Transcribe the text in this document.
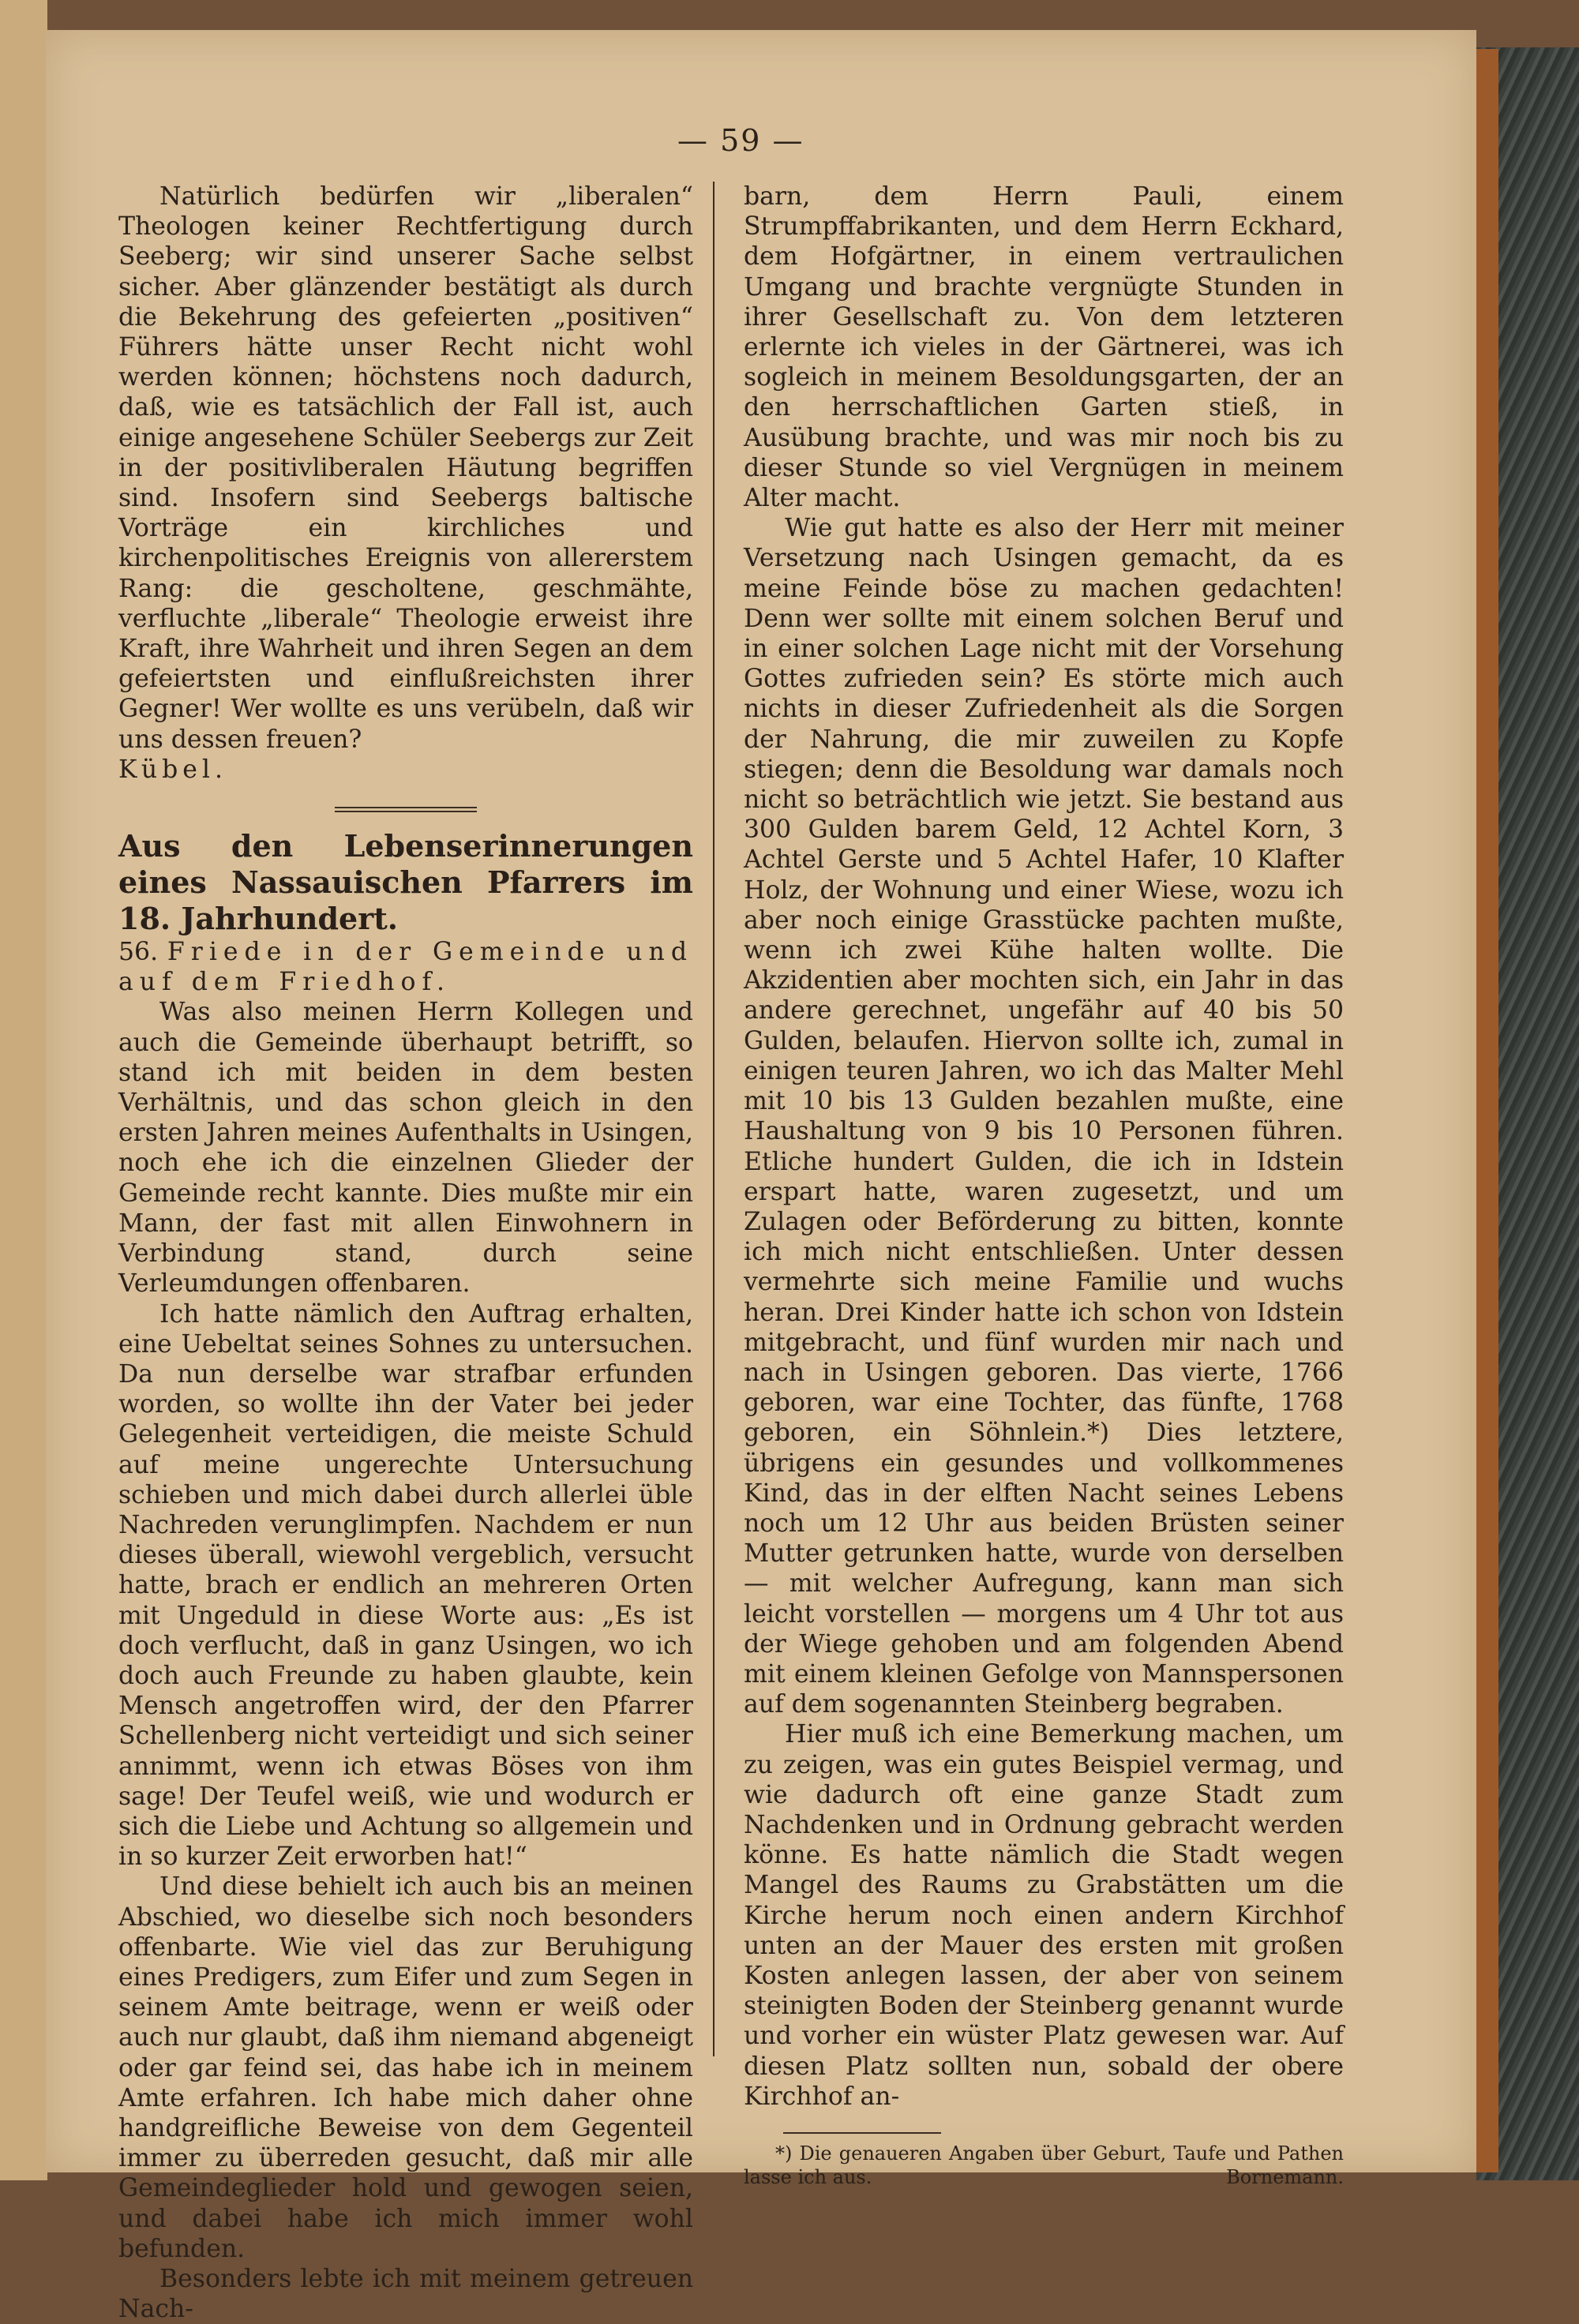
— 59 —

Natürlich bedürfen wir „liberalen“ Theologen keiner Rechtfertigung durch Seeberg; wir sind unserer Sache selbst sicher. Aber glänzender bestätigt als durch die Bekehrung des gefeierten „positiven“ Führers hätte unser Recht nicht wohl werden können; höchstens noch dadurch, daß, wie es tatsächlich der Fall ist, auch einige angesehene Schüler Seebergs zur Zeit in der positivliberalen Häutung begriffen sind. Insofern sind Seebergs baltische Vorträge ein kirchliches und kirchenpolitisches Ereignis von allererstem Rang: die gescholtene, geschmähte, verfluchte „liberale“ Theologie erweist ihre Kraft, ihre Wahrheit und ihren Segen an dem gefeiertsten und einflußreichsten ihrer Gegner! Wer wollte es uns verübeln, daß wir uns dessen freuen?

Kübel.

Aus den Lebenserinnerungen eines Nassauischen Pfarrers im 18. Jahrhundert.

56. Friede in der Gemeinde und auf dem Friedhof.

Was also meinen Herrn Kollegen und auch die Gemeinde überhaupt betrifft, so stand ich mit beiden in dem besten Verhältnis, und das schon gleich in den ersten Jahren meines Aufenthalts in Usingen, noch ehe ich die einzelnen Glieder der Gemeinde recht kannte. Dies mußte mir ein Mann, der fast mit allen Einwohnern in Verbindung stand, durch seine Verleumdungen offenbaren.

Ich hatte nämlich den Auftrag erhalten, eine Uebeltat seines Sohnes zu untersuchen. Da nun derselbe war strafbar erfunden worden, so wollte ihn der Vater bei jeder Gelegenheit verteidigen, die meiste Schuld auf meine ungerechte Untersuchung schieben und mich dabei durch allerlei üble Nachreden verunglimpfen. Nachdem er nun dieses überall, wiewohl vergeblich, versucht hatte, brach er endlich an mehreren Orten mit Ungeduld in diese Worte aus: „Es ist doch verflucht, daß in ganz Usingen, wo ich doch auch Freunde zu haben glaubte, kein Mensch angetroffen wird, der den Pfarrer Schellenberg nicht verteidigt und sich seiner annimmt, wenn ich etwas Böses von ihm sage! Der Teufel weiß, wie und wodurch er sich die Liebe und Achtung so allgemein und in so kurzer Zeit erworben hat!“

Und diese behielt ich auch bis an meinen Abschied, wo dieselbe sich noch besonders offenbarte. Wie viel das zur Beruhigung eines Predigers, zum Eifer und zum Segen in seinem Amte beitrage, wenn er weiß oder auch nur glaubt, daß ihm niemand abgeneigt oder gar feind sei, das habe ich in meinem Amte erfahren. Ich habe mich daher ohne handgreifliche Beweise von dem Gegenteil immer zu überreden gesucht, daß mir alle Gemeindeglieder hold und gewogen seien, und dabei habe ich mich immer wohl befunden.

Besonders lebte ich mit meinem getreuen Nach-

barn, dem Herrn Pauli, einem Strumpffabrikanten, und dem Herrn Eckhard, dem Hofgärtner, in einem vertraulichen Umgang und brachte vergnügte Stunden in ihrer Gesellschaft zu. Von dem letzteren erlernte ich vieles in der Gärtnerei, was ich sogleich in meinem Besoldungsgarten, der an den herrschaftlichen Garten stieß, in Ausübung brachte, und was mir noch bis zu dieser Stunde so viel Vergnügen in meinem Alter macht.

Wie gut hatte es also der Herr mit meiner Versetzung nach Usingen gemacht, da es meine Feinde böse zu machen gedachten! Denn wer sollte mit einem solchen Beruf und in einer solchen Lage nicht mit der Vorsehung Gottes zufrieden sein? Es störte mich auch nichts in dieser Zufriedenheit als die Sorgen der Nahrung, die mir zuweilen zu Kopfe stiegen; denn die Besoldung war damals noch nicht so beträchtlich wie jetzt. Sie bestand aus 300 Gulden barem Geld, 12 Achtel Korn, 3 Achtel Gerste und 5 Achtel Hafer, 10 Klafter Holz, der Wohnung und einer Wiese, wozu ich aber noch einige Grasstücke pachten mußte, wenn ich zwei Kühe halten wollte. Die Akzidentien aber mochten sich, ein Jahr in das andere gerechnet, ungefähr auf 40 bis 50 Gulden, belaufen. Hiervon sollte ich, zumal in einigen teuren Jahren, wo ich das Malter Mehl mit 10 bis 13 Gulden bezahlen mußte, eine Haushaltung von 9 bis 10 Personen führen. Etliche hundert Gulden, die ich in Idstein erspart hatte, waren zugesetzt, und um Zulagen oder Beförderung zu bitten, konnte ich mich nicht entschließen. Unter dessen vermehrte sich meine Familie und wuchs heran. Drei Kinder hatte ich schon von Idstein mitgebracht, und fünf wurden mir nach und nach in Usingen geboren. Das vierte, 1766 geboren, war eine Tochter, das fünfte, 1768 geboren, ein Söhnlein.*) Dies letztere, übrigens ein gesundes und vollkommenes Kind, das in der elften Nacht seines Lebens noch um 12 Uhr aus beiden Brüsten seiner Mutter getrunken hatte, wurde von derselben — mit welcher Aufregung, kann man sich leicht vorstellen — morgens um 4 Uhr tot aus der Wiege gehoben und am folgenden Abend mit einem kleinen Gefolge von Mannspersonen auf dem sogenannten Steinberg begraben.

Hier muß ich eine Bemerkung machen, um zu zeigen, was ein gutes Beispiel vermag, und wie dadurch oft eine ganze Stadt zum Nachdenken und in Ordnung gebracht werden könne. Es hatte nämlich die Stadt wegen Mangel des Raums zu Grabstätten um die Kirche herum noch einen andern Kirchhof unten an der Mauer des ersten mit großen Kosten anlegen lassen, der aber von seinem steinigten Boden der Steinberg genannt wurde und vorher ein wüster Platz gewesen war. Auf diesen Platz sollten nun, sobald der obere Kirchhof an-

*) Die genaueren Angaben über Geburt, Taufe und Pathen lasse ich aus.	Bornemann.
